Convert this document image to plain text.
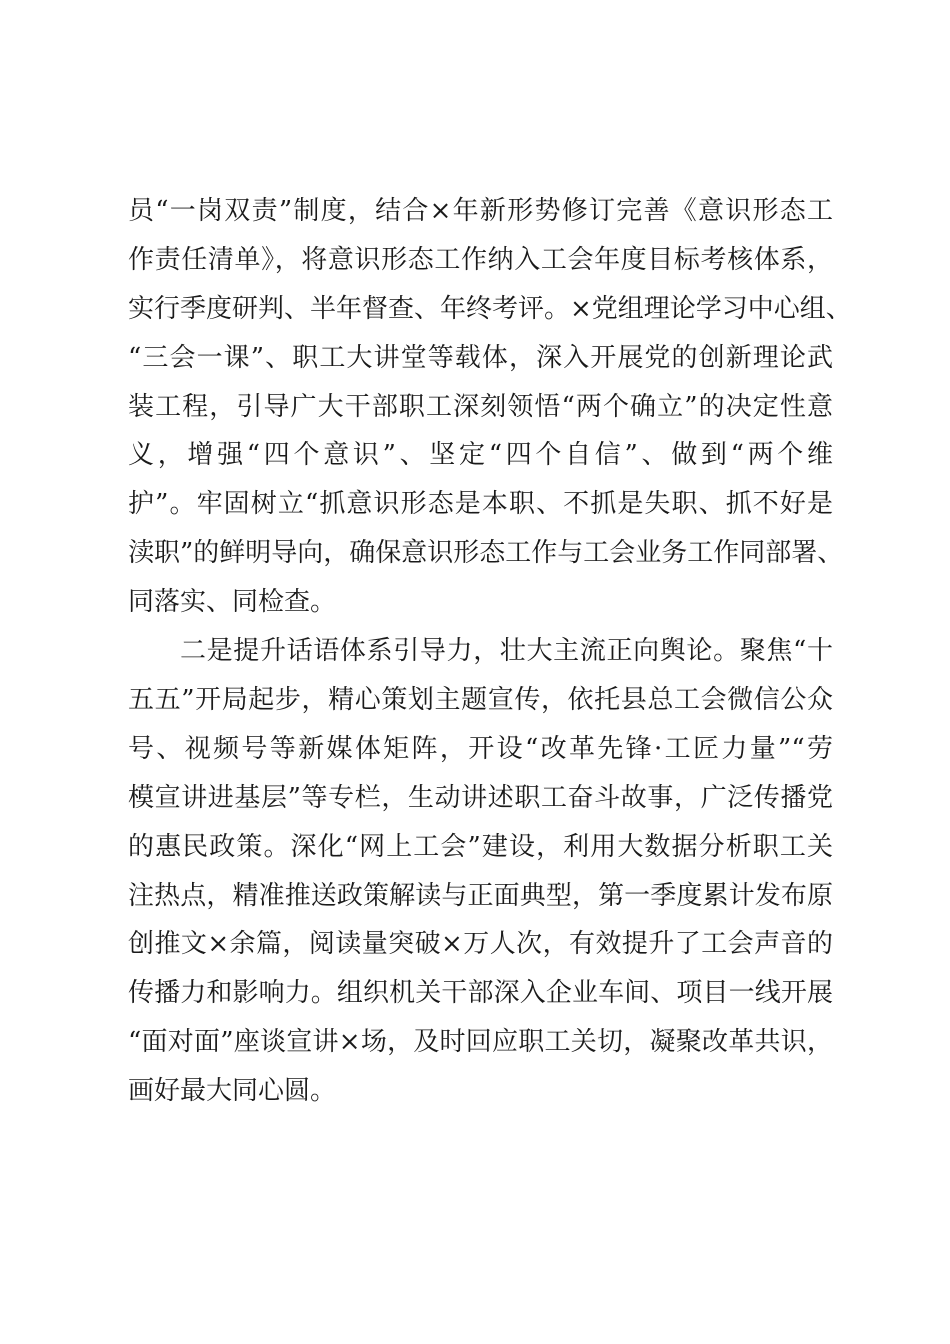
员“一岗双责”制度，结合×年新形势修订完善《意识形态工
作责任清单》，将意识形态工作纳入工会年度目标考核体系，
实行季度研判、半年督查、年终考评。×党组理论学习中心组、
“三会一课”、职工大讲堂等载体，深入开展党的创新理论武
装工程，引导广大干部职工深刻领悟“两个确立”的决定性意
义，增强“四个意识”、坚定“四个自信”、做到“两个维
护”。牢固树立“抓意识形态是本职、不抓是失职、抓不好是
渎职”的鲜明导向，确保意识形态工作与工会业务工作同部署、
同落实、同检查。
二是提升话语体系引导力，壮大主流正向舆论。聚焦“十
五五”开局起步，精心策划主题宣传，依托县总工会微信公众
号、视频号等新媒体矩阵，开设“改革先锋·工匠力量”“劳
模宣讲进基层”等专栏，生动讲述职工奋斗故事，广泛传播党
的惠民政策。深化“网上工会”建设，利用大数据分析职工关
注热点，精准推送政策解读与正面典型，第一季度累计发布原
创推文×余篇，阅读量突破×万人次，有效提升了工会声音的
传播力和影响力。组织机关干部深入企业车间、项目一线开展
“面对面”座谈宣讲×场，及时回应职工关切，凝聚改革共识，
画好最大同心圆。
